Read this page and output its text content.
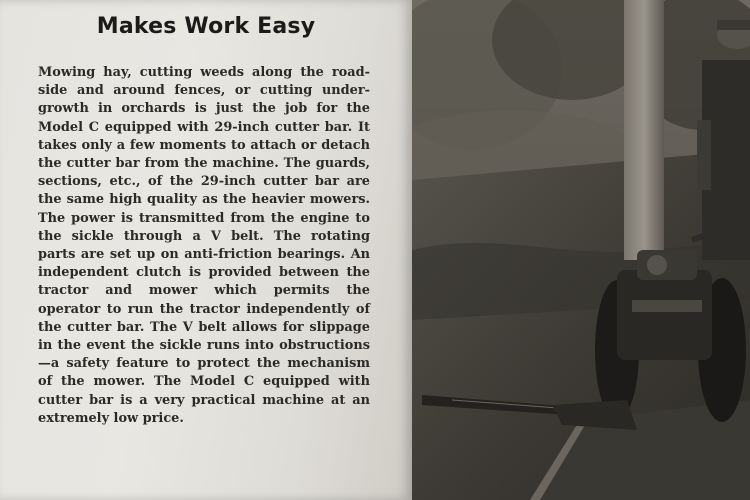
Makes Work Easy

Mowing hay, cutting weeds along the roadside and around fences, or cutting undergrowth in orchards is just the job for the Model C equipped with 29-inch cutter bar. It takes only a few moments to attach or detach the cutter bar from the machine. The guards, sections, etc., of the 29-inch cutter bar are the same high quality as the heavier mowers. The power is transmitted from the engine to the sickle through a V belt. The rotating parts are set up on anti-friction bearings. An independent clutch is provided between the tractor and mower which permits the operator to run the tractor independently of the cutter bar. The V belt allows for slippage in the event the sickle runs into obstructions—a safety feature to protect the mechanism of the mower. The Model C equipped with cutter bar is a very practical machine at an extremely low price.
